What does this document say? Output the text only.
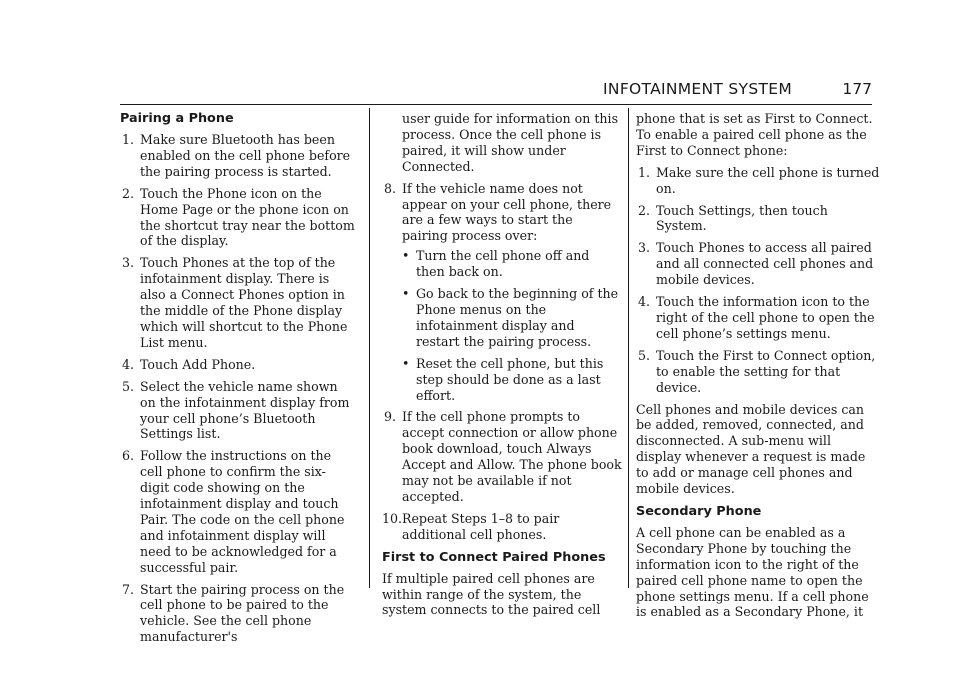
INFOTAINMENT SYSTEM	177
Pairing a Phone
1. Make sure Bluetooth has been enabled on the cell phone before the pairing process is started.
2. Touch the Phone icon on the Home Page or the phone icon on the shortcut tray near the bottom of the display.
3. Touch Phones at the top of the infotainment display. There is also a Connect Phones option in the middle of the Phone display which will shortcut to the Phone List menu.
4. Touch Add Phone.
5. Select the vehicle name shown on the infotainment display from your cell phone’s Bluetooth Settings list.
6. Follow the instructions on the cell phone to confirm the six-digit code showing on the infotainment display and touch Pair. The code on the cell phone and infotainment display will need to be acknowledged for a successful pair.
7. Start the pairing process on the cell phone to be paired to the vehicle. See the cell phone manufacturer's
user guide for information on this process. Once the cell phone is paired, it will show under Connected.
8. If the vehicle name does not appear on your cell phone, there are a few ways to start the pairing process over:
• Turn the cell phone off and then back on.
• Go back to the beginning of the Phone menus on the infotainment display and restart the pairing process.
• Reset the cell phone, but this step should be done as a last effort.
9. If the cell phone prompts to accept connection or allow phone book download, touch Always Accept and Allow. The phone book may not be available if not accepted.
10. Repeat Steps 1–8 to pair additional cell phones.
First to Connect Paired Phones

If multiple paired cell phones are within range of the system, the system connects to the paired cell

phone that is set as First to Connect. To enable a paired cell phone as the First to Connect phone:

1. Make sure the cell phone is turned on.
2. Touch Settings, then touch System.
3. Touch Phones to access all paired and all connected cell phones and mobile devices.
4. Touch the information icon to the right of the cell phone to open the cell phone’s settings menu.
5. Touch the First to Connect option, to enable the setting for that device.

Cell phones and mobile devices can be added, removed, connected, and disconnected. A sub-menu will display whenever a request is made to add or manage cell phones and mobile devices.

Secondary Phone

A cell phone can be enabled as a Secondary Phone by touching the information icon to the right of the paired cell phone name to open the phone settings menu. If a cell phone is enabled as a Secondary Phone, it
